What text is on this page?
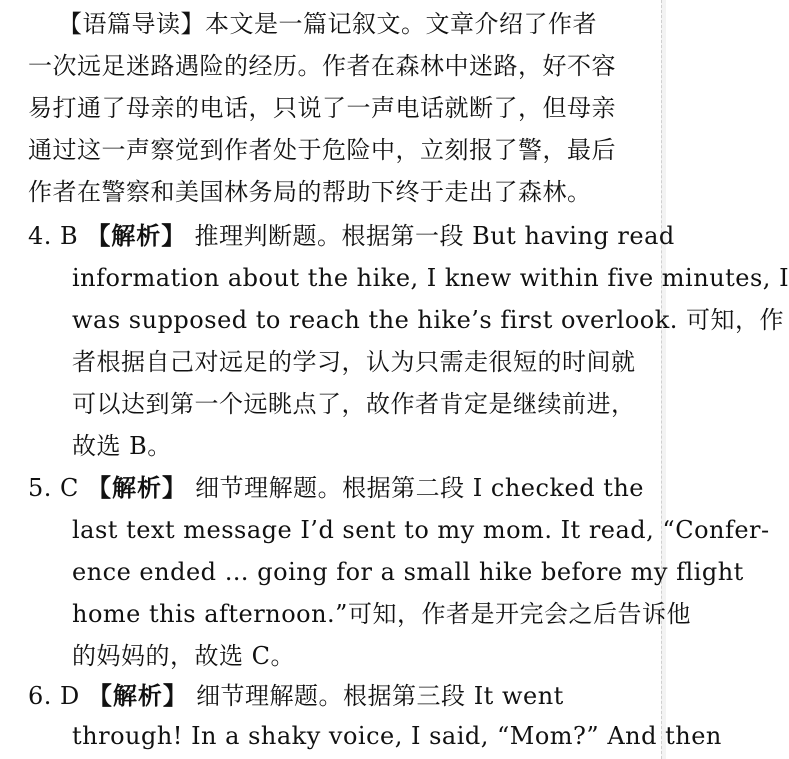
【语篇导读】本文是一篇记叙文。文章介绍了作者
一次远足迷路遇险的经历。作者在森林中迷路，好不容
易打通了母亲的电话，只说了一声电话就断了，但母亲
通过这一声察觉到作者处于危险中，立刻报了警，最后
作者在警察和美国林务局的帮助下终于走出了森林。
4. B 【解析】 推理判断题。根据第一段 But having read
information about the hike, I knew within five minutes, I
was supposed to reach the hike’s first overlook. 可知，作
者根据自己对远足的学习，认为只需走很短的时间就
可以达到第一个远眺点了，故作者肯定是继续前进，
故选 B。
5. C 【解析】 细节理解题。根据第二段 I checked the
last text message I’d sent to my mom. It read, “Confer-
ence ended … going for a small hike before my flight
home this afternoon.”可知，作者是开完会之后告诉他
的妈妈的，故选 C。
6. D 【解析】 细节理解题。根据第三段 It went
through! In a shaky voice, I said, “Mom?” And then
